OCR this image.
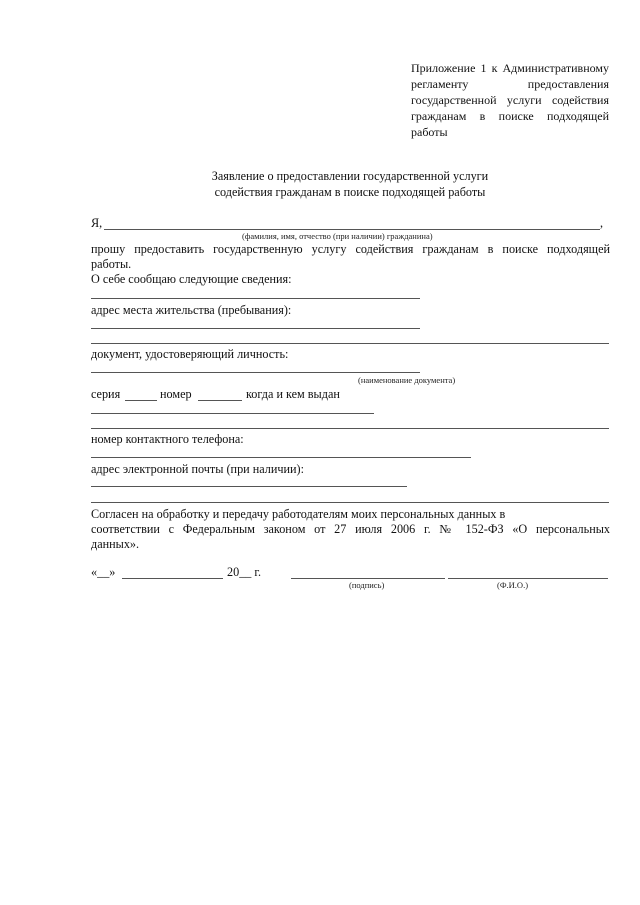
Приложение 1 к Административному
регламенту предоставления
государственной услуги содействия
гражданам в поиске подходящей
работы
Заявление о предоставлении государственной услуги
содействия гражданам в поиске подходящей работы
Я,	,
(фамилия, имя, отчество (при наличии) гражданина)
прошу предоставить государственную услугу содействия гражданам в поиске подходящей
работы.
О себе сообщаю следующие сведения:
адрес места жительства (пребывания):
документ, удостоверяющий личность:
(наименование документа)
серия	номер	когда и кем выдан
номер контактного телефона:
адрес электронной почты (при наличии):
Согласен на обработку и передачу работодателям моих персональных данных в
соответствии с Федеральным законом от 27 июля 2006 г. № 152-ФЗ «О персональных
данных».
«__»	20__ г.
(подпись)	(Ф.И.О.)
